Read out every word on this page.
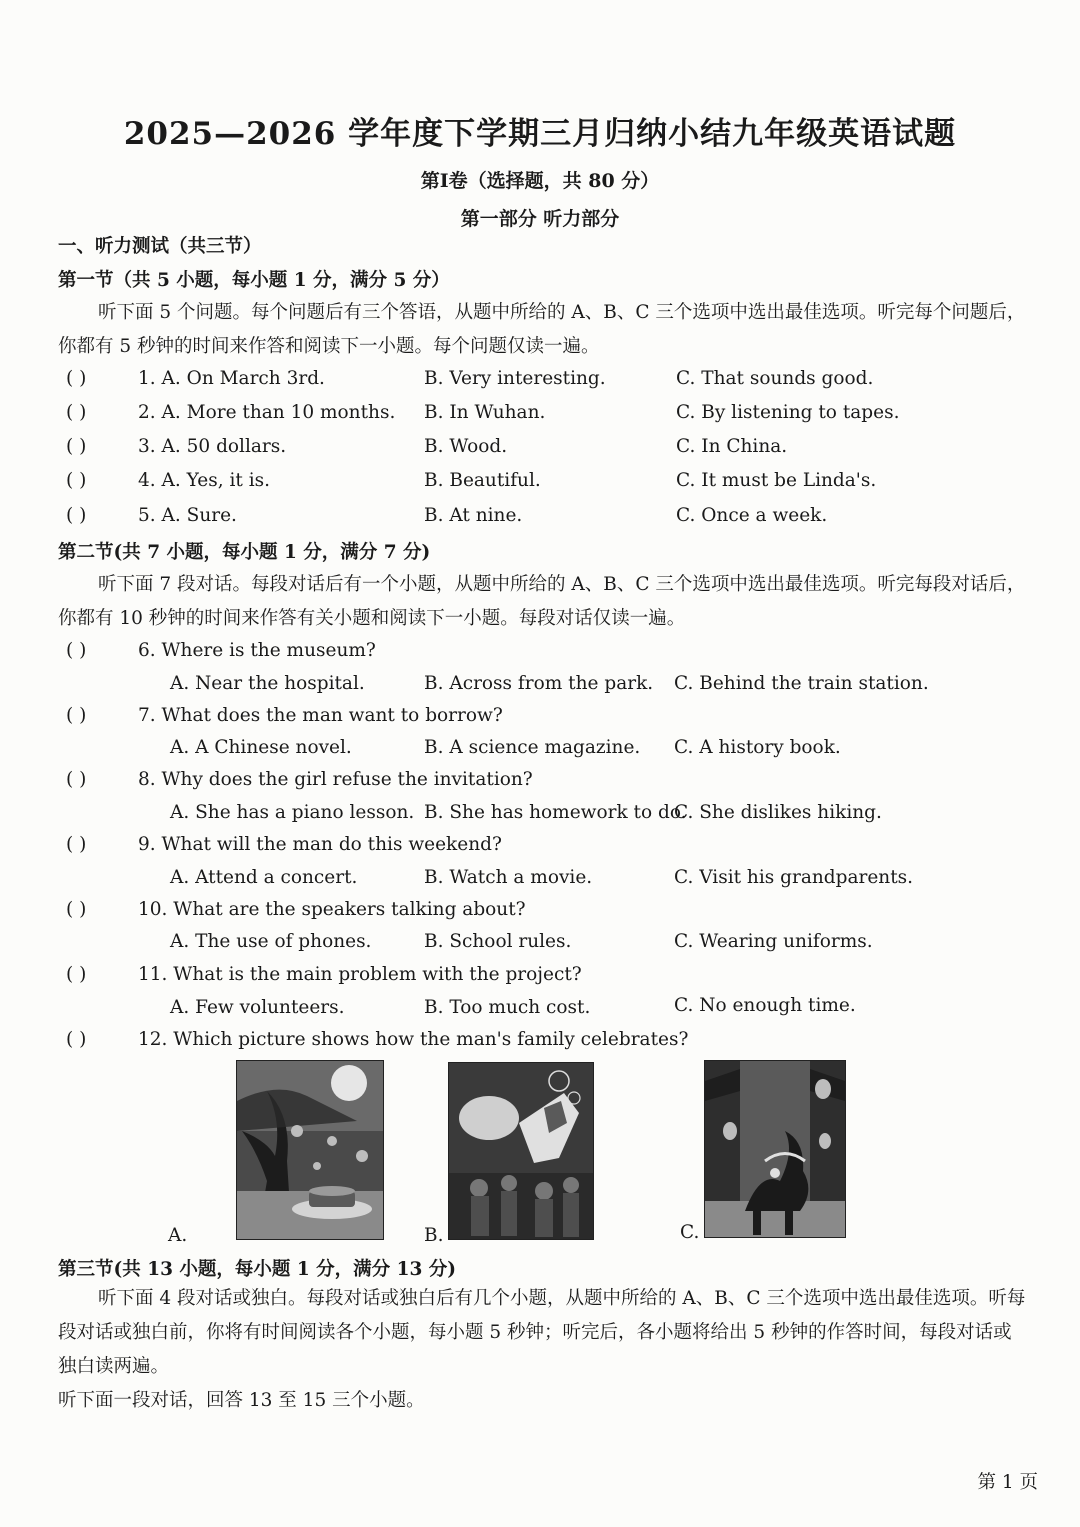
2025—2026 学年度下学期三月归纳小结九年级英语试题
第Ⅰ卷（选择题，共 80 分）
第一部分 听力部分
一、听力测试（共三节）
第一节（共 5 小题，每小题 1 分，满分 5 分）
听下面 5 个问题。每个问题后有三个答语，从题中所给的 A、B、C 三个选项中选出最佳选项。听完每个问题后，你都有 5 秒钟的时间来作答和阅读下一小题。每个问题仅读一遍。
( )	1. A. On March 3rd.	B. Very interesting.	C. That sounds good.
( )	2. A. More than 10 months. B. In Wuhan.	C. By listening to tapes.
( )	3. A. 50 dollars.	B. Wood.	C. In China.
( )	4. A. Yes, it is.	B. Beautiful.	C. It must be Linda's.
( )	5. A. Sure.	B. At nine.	C. Once a week.
第二节(共 7 小题，每小题 1 分，满分 7 分)
听下面 7 段对话。每段对话后有一个小题，从题中所给的 A、B、C 三个选项中选出最佳选项。听完每段对话后，你都有 10 秒钟的时间来作答有关小题和阅读下一小题。每段对话仅读一遍。
( )	6. Where is the museum?
A. Near the hospital.	B. Across from the park. C. Behind the train station.
( )	7. What does the man want to borrow?
A. A Chinese novel.	B. A science magazine. C. A history book.
( )	8. Why does the girl refuse the invitation?
A. She has a piano lesson. B. She has homework to do.
C. She dislikes hiking.
( )	9. What will the man do this weekend?
A. Attend a concert.	B. Watch a movie.	C. Visit his grandparents.
( )	10. What are the speakers talking about?
A. The use of phones.	B. School rules.	C. Wearing uniforms.
( )	11. What is the main problem with the project?
A. Few volunteers.	B. Too much cost.	C. No enough time.
( )	12. Which picture shows how the man's family celebrates?
A.	B.	C.
第三节(共 13 小题，每小题 1 分，满分 13 分)
听下面 4 段对话或独白。每段对话或独白后有几个小题，从题中所给的 A、B、C 三个选项中选出最佳选项。听每段对话或独白前，你将有时间阅读各个小题，每小题 5 秒钟；听完后，各小题将给出 5 秒钟的作答时间，每段对话或独白读两遍。
听下面一段对话，回答 13 至 15 三个小题。
第 1 页
